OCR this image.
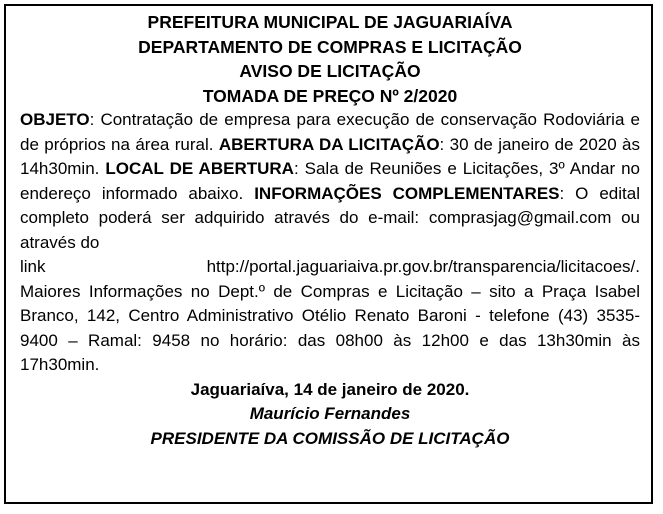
PREFEITURA MUNICIPAL DE JAGUARIAÍVA
DEPARTAMENTO DE COMPRAS E LICITAÇÃO
AVISO DE LICITAÇÃO
TOMADA DE PREÇO Nº 2/2020
OBJETO: Contratação de empresa para execução de conservação Rodoviária e de próprios na área rural. ABERTURA DA LICITAÇÃO: 30 de janeiro de 2020 às 14h30min. LOCAL DE ABERTURA: Sala de Reuniões e Licitações, 3º Andar no endereço informado abaixo. INFORMAÇÕES COMPLEMENTARES: O edital completo poderá ser adquirido através do e-mail: comprasjag@gmail.com ou através do
link	http://portal.jaguariaiva.pr.gov.br/transparencia/licitacoes/.
Maiores Informações no Dept.º de Compras e Licitação – sito a Praça Isabel Branco, 142, Centro Administrativo Otélio Renato Baroni - telefone (43) 3535-9400 – Ramal: 9458 no horário: das 08h00 às 12h00 e das 13h30min às 17h30min.
Jaguariaíva, 14 de janeiro de 2020.
Maurício Fernandes
PRESIDENTE DA COMISSÃO DE LICITAÇÃO
